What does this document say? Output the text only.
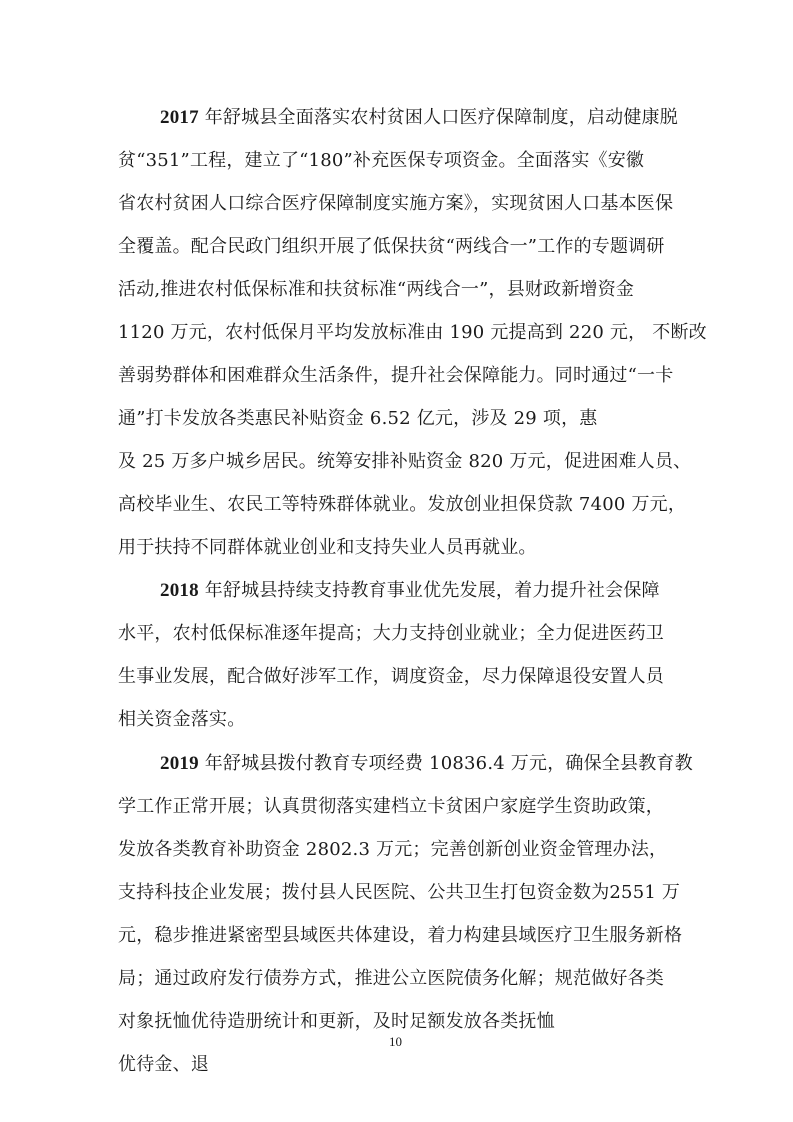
2017 年舒城县全面落实农村贫困人口医疗保障制度，启动健康脱
贫“351”工程，建立了“180”补充医保专项资金。全面落实《安徽
省农村贫困人口综合医疗保障制度实施方案》，实现贫困人口基本医保
全覆盖。配合民政门组织开展了低保扶贫“两线合一”工作的专题调研
活动,推进农村低保标准和扶贫标准“两线合一”，县财政新增资金
1120 万元，农村低保月平均发放标准由 190 元提高到 220 元， 不断改
善弱势群体和困难群众生活条件，提升社会保障能力。同时通过“一卡
通”打卡发放各类惠民补贴资金 6.52 亿元，涉及 29 项，惠
及 25 万多户城乡居民。统筹安排补贴资金 820 万元，促进困难人员、
高校毕业生、农民工等特殊群体就业。发放创业担保贷款 7400 万元，
用于扶持不同群体就业创业和支持失业人员再就业。
2018 年舒城县持续支持教育事业优先发展，着力提升社会保障
水平，农村低保标准逐年提高；大力支持创业就业；全力促进医药卫
生事业发展，配合做好涉军工作，调度资金，尽力保障退役安置人员
相关资金落实。
2019 年舒城县拨付教育专项经费 10836.4 万元，确保全县教育教
学工作正常开展；认真贯彻落实建档立卡贫困户家庭学生资助政策，
发放各类教育补助资金 2802.3 万元；完善创新创业资金管理办法，
支持科技企业发展；拨付县人民医院、公共卫生打包资金数为2551 万
元，稳步推进紧密型县域医共体建设，着力构建县域医疗卫生服务新格
局；通过政府发行债券方式，推进公立医院债务化解；规范做好各类
对象抚恤优待造册统计和更新，及时足额发放各类抚恤
优待金、退
10
